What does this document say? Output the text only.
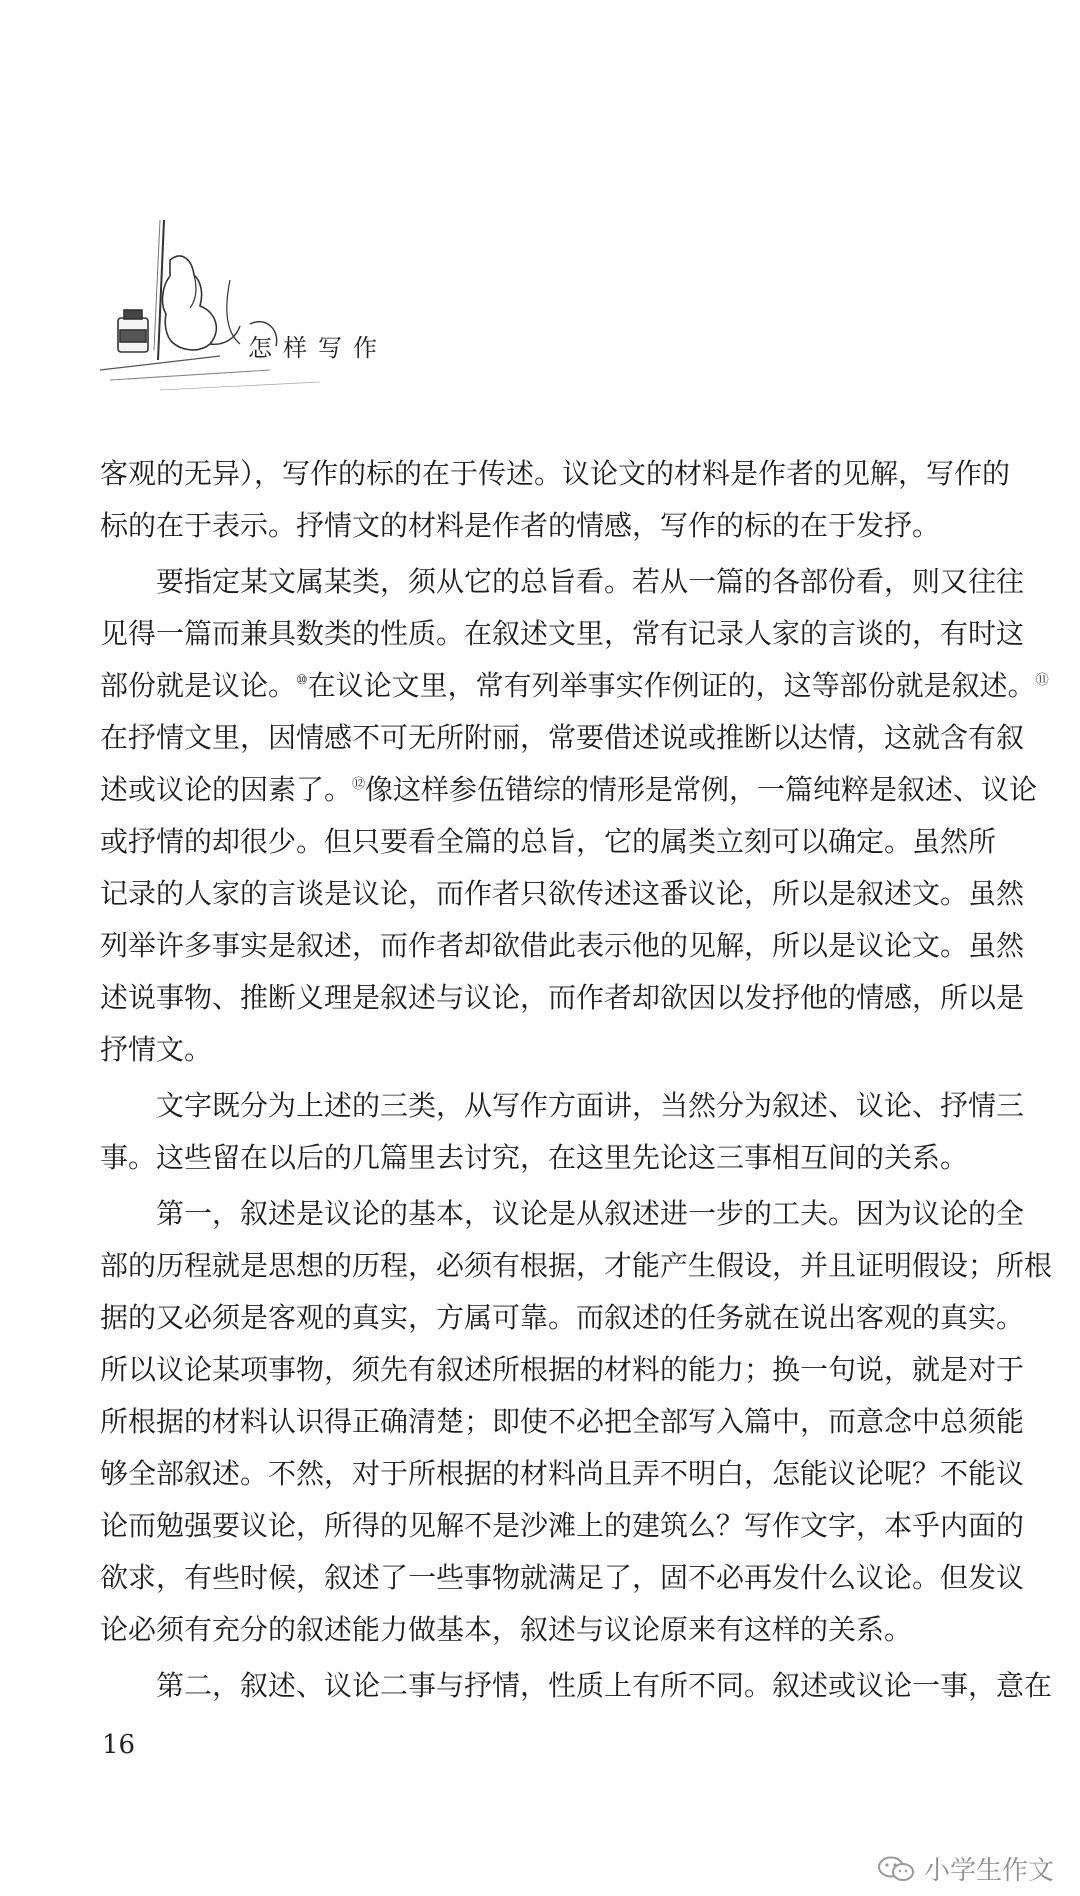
怎样写作
客观的无异），写作的标的在于传述。议论文的材料是作者的见解，写作的
标的在于表示。抒情文的材料是作者的情感，写作的标的在于发抒。
要指定某文属某类，须从它的总旨看。若从一篇的各部份看，则又往往
见得一篇而兼具数类的性质。在叙述文里，常有记录人家的言谈的，有时这
部份就是议论。⑩在议论文里，常有列举事实作例证的，这等部份就是叙述。⑪
在抒情文里，因情感不可无所附丽，常要借述说或推断以达情，这就含有叙
述或议论的因素了。⑫像这样参伍错综的情形是常例，一篇纯粹是叙述、议论
或抒情的却很少。但只要看全篇的总旨，它的属类立刻可以确定。虽然所
记录的人家的言谈是议论，而作者只欲传述这番议论，所以是叙述文。虽然
列举许多事实是叙述，而作者却欲借此表示他的见解，所以是议论文。虽然
述说事物、推断义理是叙述与议论，而作者却欲因以发抒他的情感，所以是
抒情文。
文字既分为上述的三类，从写作方面讲，当然分为叙述、议论、抒情三
事。这些留在以后的几篇里去讨究，在这里先论这三事相互间的关系。
第一，叙述是议论的基本，议论是从叙述进一步的工夫。因为议论的全
部的历程就是思想的历程，必须有根据，才能产生假设，并且证明假设；所根
据的又必须是客观的真实，方属可靠。而叙述的任务就在说出客观的真实。
所以议论某项事物，须先有叙述所根据的材料的能力；换一句说，就是对于
所根据的材料认识得正确清楚；即使不必把全部写入篇中，而意念中总须能
够全部叙述。不然，对于所根据的材料尚且弄不明白，怎能议论呢？不能议
论而勉强要议论，所得的见解不是沙滩上的建筑么？写作文字，本乎内面的
欲求，有些时候，叙述了一些事物就满足了，固不必再发什么议论。但发议
论必须有充分的叙述能力做基本，叙述与议论原来有这样的关系。
第二，叙述、议论二事与抒情，性质上有所不同。叙述或议论一事，意在
16
小学生作文
